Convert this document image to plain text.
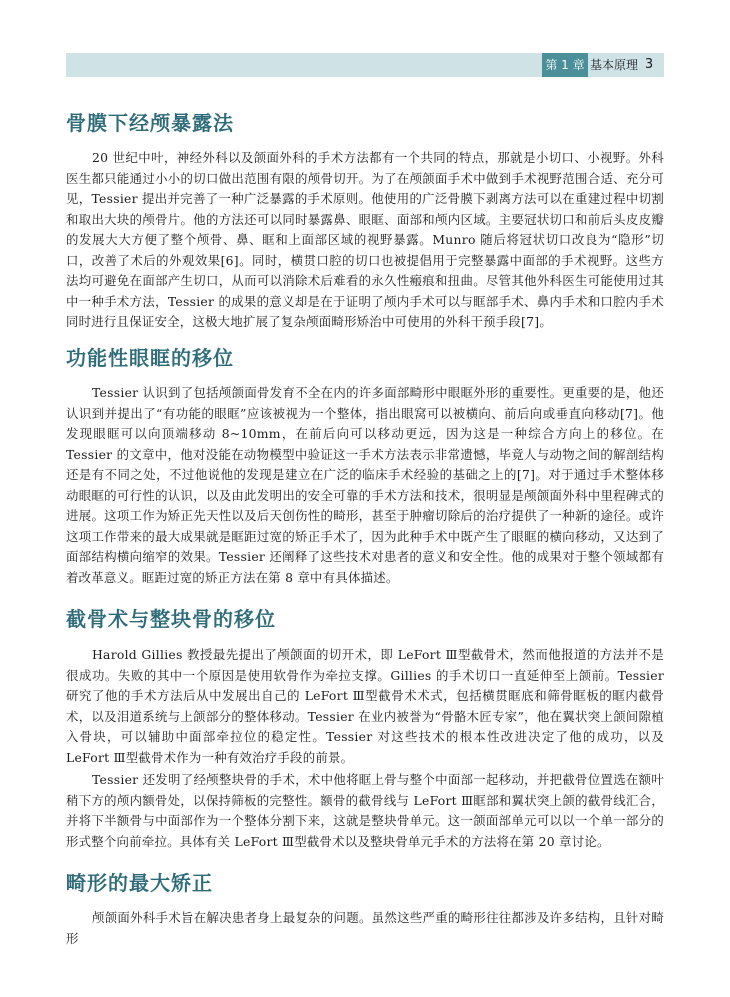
第 1 章 基本原理 3
骨膜下经颅暴露法

20 世纪中叶，神经外科以及颌面外科的手术方法都有一个共同的特点，那就是小切口、小视野。外科医生都只能通过小小的切口做出范围有限的颅骨切开。为了在颅颌面手术中做到手术视野范围合适、充分可见，Tessier 提出并完善了一种广泛暴露的手术原则。他使用的广泛骨膜下剥离方法可以在重建过程中切割和取出大块的颅骨片。他的方法还可以同时暴露鼻、眼眶、面部和颅内区域。主要冠状切口和前后头皮皮瓣的发展大大方便了整个颅骨、鼻、眶和上面部区域的视野暴露。Munro 随后将冠状切口改良为“隐形”切口，改善了术后的外观效果[6]。同时，横贯口腔的切口也被提倡用于完整暴露中面部的手术视野。这些方法均可避免在面部产生切口，从而可以消除术后难看的永久性瘢痕和扭曲。尽管其他外科医生可能使用过其中一种手术方法，Tessier 的成果的意义却是在于证明了颅内手术可以与眶部手术、鼻内手术和口腔内手术同时进行且保证安全，这极大地扩展了复杂颅面畸形矫治中可使用的外科干预手段[7]。

功能性眼眶的移位

Tessier 认识到了包括颅颌面骨发育不全在内的许多面部畸形中眼眶外形的重要性。更重要的是，他还认识到并提出了“有功能的眼眶”应该被视为一个整体，指出眼窝可以被横向、前后向或垂直向移动[7]。他发现眼眶可以向顶端移动 8~10mm，在前后向可以移动更远，因为这是一种综合方向上的移位。在 Tessier 的文章中，他对没能在动物模型中验证这一手术方法表示非常遗憾，毕竟人与动物之间的解剖结构还是有不同之处，不过他说他的发现是建立在广泛的临床手术经验的基础之上的[7]。对于通过手术整体移动眼眶的可行性的认识，以及由此发明出的安全可靠的手术方法和技术，很明显是颅颌面外科中里程碑式的进展。这项工作为矫正先天性以及后天创伤性的畸形，甚至于肿瘤切除后的治疗提供了一种新的途径。或许这项工作带来的最大成果就是眶距过宽的矫正手术了，因为此种手术中既产生了眼眶的横向移动，又达到了面部结构横向缩窄的效果。Tessier 还阐释了这些技术对患者的意义和安全性。他的成果对于整个领域都有着改革意义。眶距过宽的矫正方法在第 8 章中有具体描述。

截骨术与整块骨的移位

Harold Gillies 教授最先提出了颅颌面的切开术，即 LeFort Ⅲ型截骨术，然而他报道的方法并不是很成功。失败的其中一个原因是使用软骨作为牵拉支撑。Gillies 的手术切口一直延伸至上颌前。Tessier 研究了他的手术方法后从中发展出自己的 LeFort Ⅲ型截骨术术式，包括横贯眶底和筛骨眶板的眶内截骨术，以及泪道系统与上颌部分的整体移动。Tessier 在业内被誉为“骨骼木匠专家”，他在翼状突上颌间隙植入骨块，可以辅助中面部牵拉位的稳定性。Tessier 对这些技术的根本性改进决定了他的成功，以及 LeFort Ⅲ型截骨术作为一种有效治疗手段的前景。

Tessier 还发明了经颅整块骨的手术，术中他将眶上骨与整个中面部一起移动，并把截骨位置选在额叶稍下方的颅内额骨处，以保持筛板的完整性。额骨的截骨线与 LeFort Ⅲ眶部和翼状突上颌的截骨线汇合，并将下半额骨与中面部作为一个整体分割下来，这就是整块骨单元。这一颌面部单元可以以一个单一部分的形式整个向前牵拉。具体有关 LeFort Ⅲ型截骨术以及整块骨单元手术的方法将在第 20 章讨论。

畸形的最大矫正

颅颌面外科手术旨在解决患者身上最复杂的问题。虽然这些严重的畸形往往都涉及许多结构，且针对畸形
